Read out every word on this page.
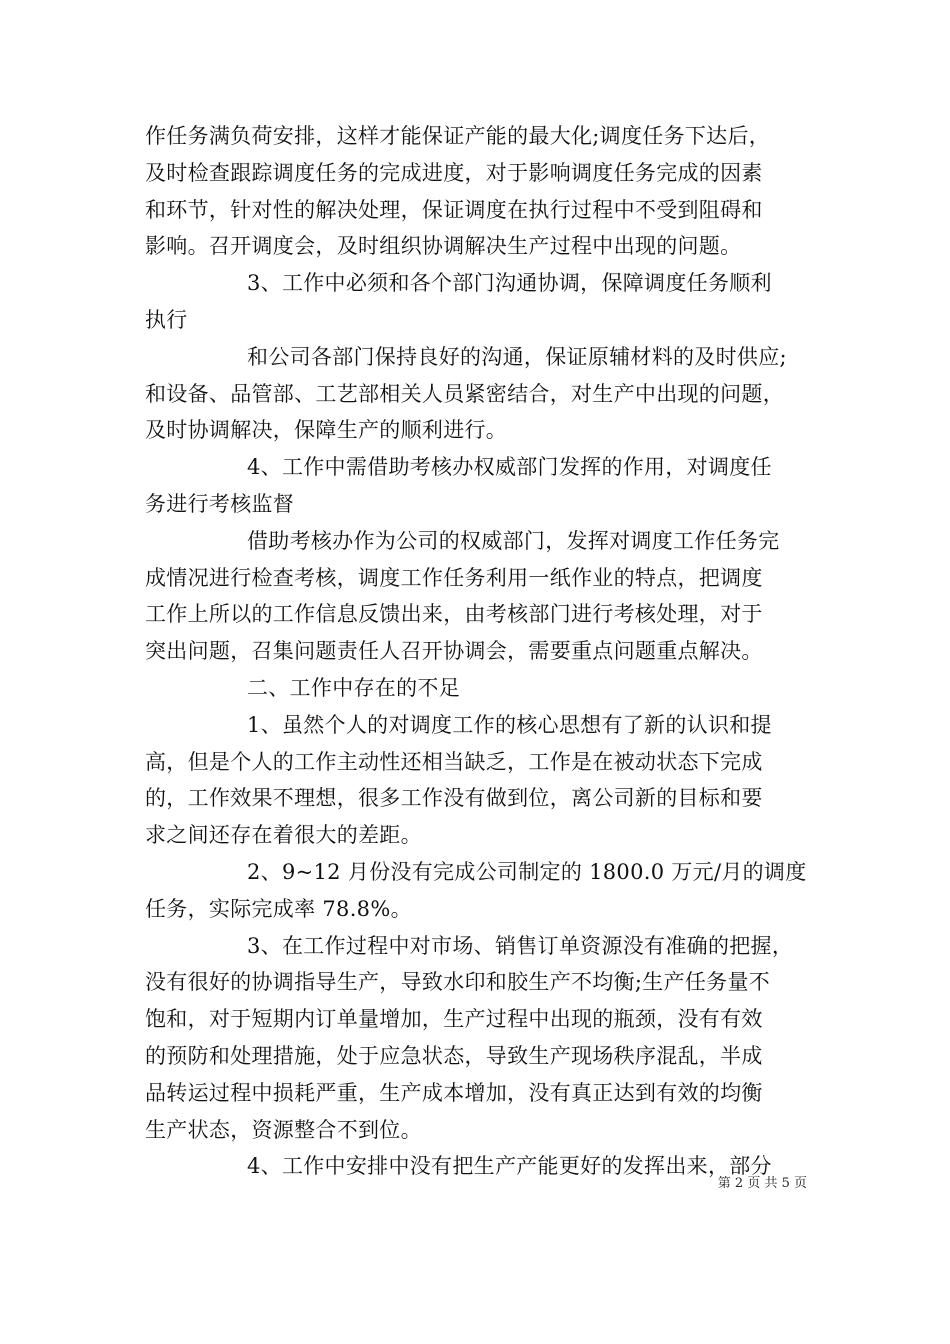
作任务满负荷安排，这样才能保证产能的最大化;调度任务下达后，
及时检查跟踪调度任务的完成进度，对于影响调度任务完成的因素
和环节，针对性的解决处理，保证调度在执行过程中不受到阻碍和
影响。召开调度会，及时组织协调解决生产过程中出现的问题。
3、工作中必须和各个部门沟通协调，保障调度任务顺利
执行
和公司各部门保持良好的沟通，保证原辅材料的及时供应;
和设备、品管部、工艺部相关人员紧密结合，对生产中出现的问题，
及时协调解决，保障生产的顺利进行。
4、工作中需借助考核办权威部门发挥的作用，对调度任
务进行考核监督
借助考核办作为公司的权威部门，发挥对调度工作任务完
成情况进行检查考核，调度工作任务利用一纸作业的特点，把调度
工作上所以的工作信息反馈出来，由考核部门进行考核处理，对于
突出问题，召集问题责任人召开协调会，需要重点问题重点解决。
二、工作中存在的不足
1、虽然个人的对调度工作的核心思想有了新的认识和提
高，但是个人的工作主动性还相当缺乏，工作是在被动状态下完成
的，工作效果不理想，很多工作没有做到位，离公司新的目标和要
求之间还存在着很大的差距。
2、9~12 月份没有完成公司制定的 1800.0 万元/月的调度
任务，实际完成率 78.8%。
3、在工作过程中对市场、销售订单资源没有准确的把握，
没有很好的协调指导生产，导致水印和胶生产不均衡;生产任务量不
饱和，对于短期内订单量增加，生产过程中出现的瓶颈，没有有效
的预防和处理措施，处于应急状态，导致生产现场秩序混乱，半成
品转运过程中损耗严重，生产成本增加，没有真正达到有效的均衡
生产状态，资源整合不到位。
4、工作中安排中没有把生产产能更好的发挥出来，部分
第 2 页 共 5 页
